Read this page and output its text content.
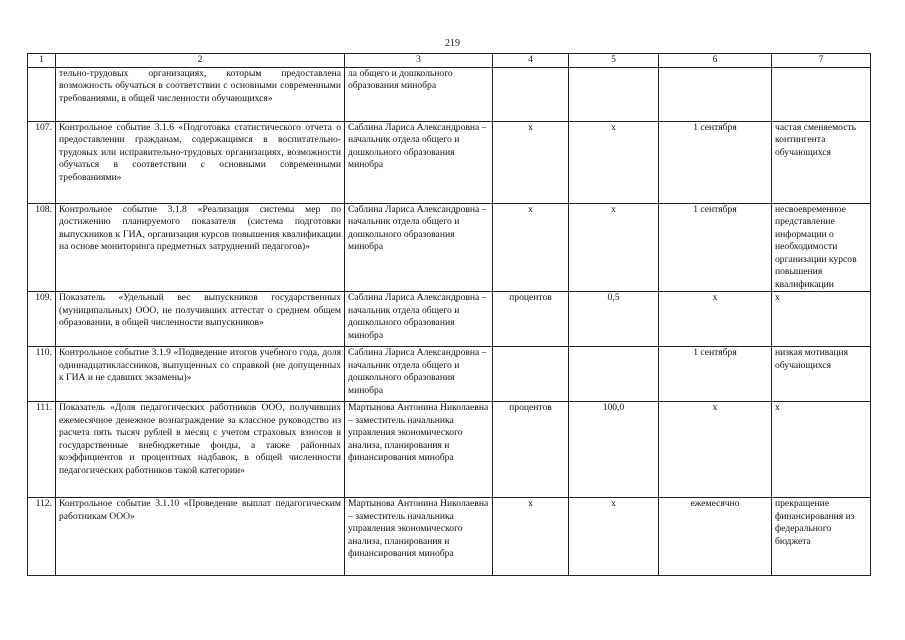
219
1	2	3	4	5	6	7
	тельно-трудовых организациях, которым предоставлена возможность обучаться в соответствии с основными современными требованиями, в общей численности обучающихся»	ла общего и дошкольного образования минобра				
107.	Контрольное событие 3.1.6 «Подготовка статистического отчета о предоставлении гражданам, содержащимся в воспитательно-трудовых или исправительно-трудовых организациях, возможности обучаться в соответствии с основными современными требованиями»	Саблина Лариса Александровна – начальник отдела общего и дошкольного образования минобра	х	х	1 сентября	частая сменяемость контингента обучающихся
108.	Контрольное событие 3.1.8 «Реализация системы мер по достижению планируемого показателя (система подготовки выпускников к ГИА, организация курсов повышения квалификации на основе мониторинга предметных затруднений педагогов)»	Саблина Лариса Александровна – начальник отдела общего и дошкольного образования минобра	х	х	1 сентября	несвоевременное представление информации о необходимости организации курсов повышения квалификации
109.	Показатель «Удельный вес выпускников государственных (муниципальных) ООО, не получивших аттестат о среднем общем образовании, в общей численности выпускников»	Саблина Лариса Александровна – начальник отдела общего и дошкольного образования минобра	процентов	0,5	х	х
110.	Контрольное событие 3.1.9 «Подведение итогов учебного года, доля одиннадцатиклассников, выпущенных со справкой (не допущенных к ГИА и не сдавших экзамены)»	Саблина Лариса Александровна – начальник отдела общего и дошкольного образования минобра			1 сентября	низкая мотивация обучающихся
111.	Показатель «Доля педагогических работников ООО, получивших ежемесячное денежное вознаграждение за классное руководство из расчета пять тысяч рублей в месяц с учетом страховых взносов в государственные внебюджетные фонды, а также районных коэффициентов и процентных надбавок, в общей численности педагогических работников такой категории»	Мартынова Антонина Николаевна – заместитель начальника управления экономического анализа, планирования и финансирования минобра	процентов	100,0	х	х
112.	Контрольное событие 3.1.10 «Проведение выплат педагогическим работникам ООО»	Мартынова Антонина Николаевна – заместитель начальника управления экономического анализа, планирования и финансирования минобра	х	х	ежемесячно	прекращение финансирования из федерального бюджета
